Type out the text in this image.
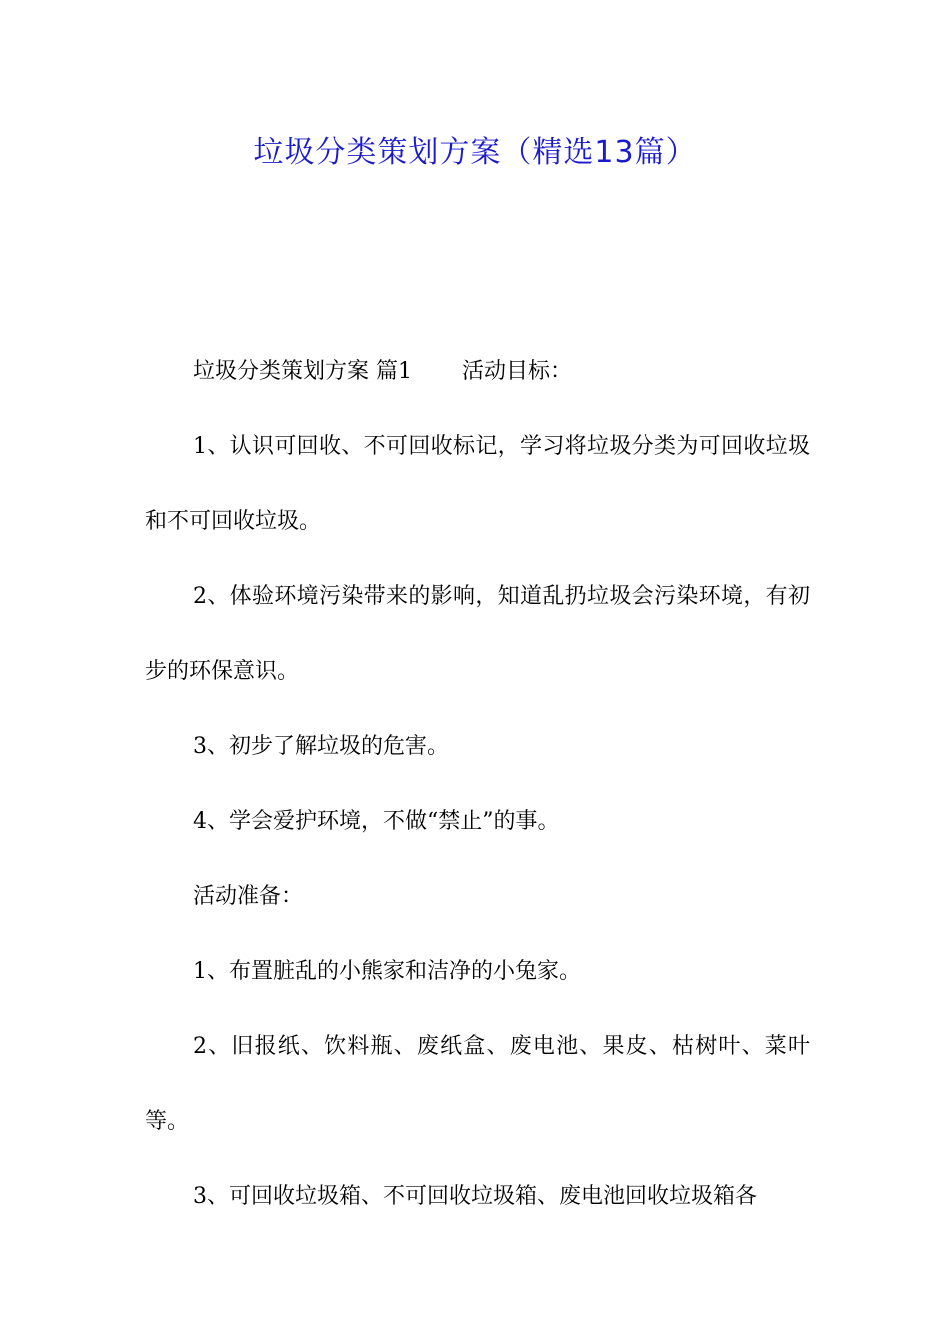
垃圾分类策划方案（精选13篇）

垃圾分类策划方案 篇1 活动目标：

1、认识可回收、不可回收标记，学习将垃圾分类为可回收垃圾和不可回收垃圾。

2、体验环境污染带来的影响，知道乱扔垃圾会污染环境，有初步的环保意识。

3、初步了解垃圾的危害。

4、学会爱护环境，不做“禁止”的事。

活动准备：

1、布置脏乱的小熊家和洁净的小兔家。

2、旧报纸、饮料瓶、废纸盒、废电池、果皮、枯树叶、菜叶等。

3、可回收垃圾箱、不可回收垃圾箱、废电池回收垃圾箱各
